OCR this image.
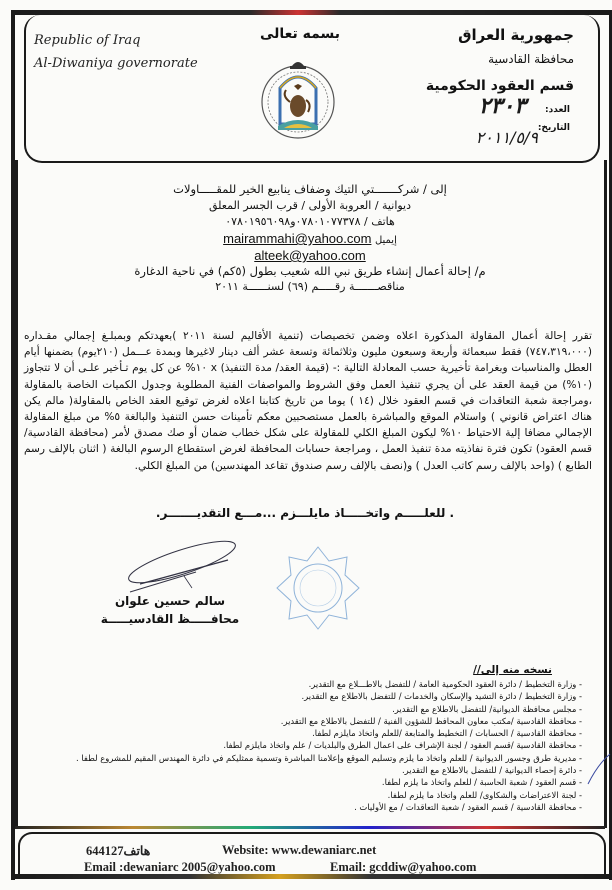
Republic of Iraq
Al-Diwaniya governorate
بسمه تعالى	جمهورية العراق
محافظة القادسية
قسم العقود الحكومية
العدد:
٢٣٠٣
التاريخ:
٢٠١١/٥/٩
إلى / شركـــــــتي التيك وضفاف ينابيع الخير للمقـــــاولات
ديوانية / العروبة الأولى / قرب الجسر المعلق
هاتف / ٠٧٨٠١٠٧٧٣٧٨و٠٧٨٠١٩٥٦٠٩٨
mairammahi@yahoo.com إيميل
alteek@yahoo.com
م/ إحالة أعمال إنشاء طريق نبي الله شعيب بطول (٥كم) في ناحية الدغارة
مناقصـــــــة رقـــــم (٦٩) لسنــــــة ٢٠١١
تقرر إحالة أعمال المقاولة المذكورة اعلاه وضمن تخصيصات (تنمية الأقاليم لسنة ٢٠١١ )بعهدتكم وبمبلـغ إجمالي مقـداره (٧٤٧،٣١٩،٠٠٠) فقط سبعمائة وأربعة وسبعون مليون وثلاثمائة وتسعة عشر ألف دينار لاغيرها وبمدة عـــمل (٢١٠يوم) بضمنها أيام العطل والمناسبات وبغرامة تأخيرية حسب المعادلة التالية :- (قيمة العقد/ مدة التنفيذ) x ١٠% عن كل يوم تـأخير علـى أن لا تتجاوز (١٠%) من قيمة العقد على أن يجري تنفيذ العمل وفق الشروط والمواصفات الفنية المطلوبة وجدول الكميات الخاصة بالمقاولة ،ومراجعة شعبة التعاقدات في قسم العقود خلال (١٤ ) يوما من تاريخ كتابنا اعلاه لغرض توقيع العقد الخاص بالمقاولة( مالم يكن هناك اعتراض قانوني ) واستلام الموقع والمباشرة بالعمل مستصحبين معكم تأمينات حسن التنفيذ والبالغة ٥% من مبلغ المقاولة الإجمالي مضافا إلية الاحتياط ١٠% ليكون المبلغ الكلي للمقاولة على شكل خطاب ضمان أو صك مصدق لأمر (محافظة القادسية/قسم العقود) تكون فترة نفاذيته مدة تنفيذ العمل ، ومراجعة حسابات المحافظة لغرض استقطاع الرسوم البالغة ( اثنان بالإلف رسم الطابع ) (واحد بالإلف رسم كاتب العدل ) و(نصف بالإلف رسم صندوق تقاعد المهندسين) من المبلغ الكلي.
. للعلـــــم واتخـــــاذ مايلـــزم ...مـــع التقديـــــــر.
سالم حسين علوان
محافـــــظ القادسيـــــة
نسخه منه إلى//
- وزارة التخطيط / دائرة العقود الحكومية العامة / للتفضل بالاطـــلاع مع التقدير.
- وزارة التخطيط / دائرة التشيد والإسكان والخدمات / للتفضل بالاطلاع مع التقدير.
- مجلس محافظة الديوانية/ للتفضل بالاطلاع مع التقدير.
- محافظة القادسية /مكتب معاون المحافظ للشؤون الفنية / للتفضل بالاطلاع مع التقدير.
- محافظة القادسية / الحسابات / التخطيط والمتابعة /للعلم واتخاذ مايلزم لطفا.
- محافظة القادسية /قسم العقود / لجنة الإشراف على اعمال الطرق والبلديات / علم واتخاذ مايلزم لطفا.
- مديرية طرق وجسور الديوانية / للعلم واتخاذ ما يلزم وتسليم الموقع وإعلامنا المباشرة وتسمية ممثليكم في دائرة المهندس المقيم للمشروع لطفا .
- دائرة إحصاء الديوانية / للتفضل بالاطلاع مع التقدير.
- قسم العقود / شعبة الحاسبة / للعلم واتخاذ ما يلزم لطفا.
- لجنة الاعتراضات والشكاوى/ للعلم واتخاذ ما يلزم لطفا.
- محافظة القادسية / قسم العقود / شعبة التعاقدات / مع الأوليات .
644127هاتف	Website: www.dewaniarc.net
Email :dewaniarc 2005@yahoo.com	Email: gcddiw@yahoo.com
